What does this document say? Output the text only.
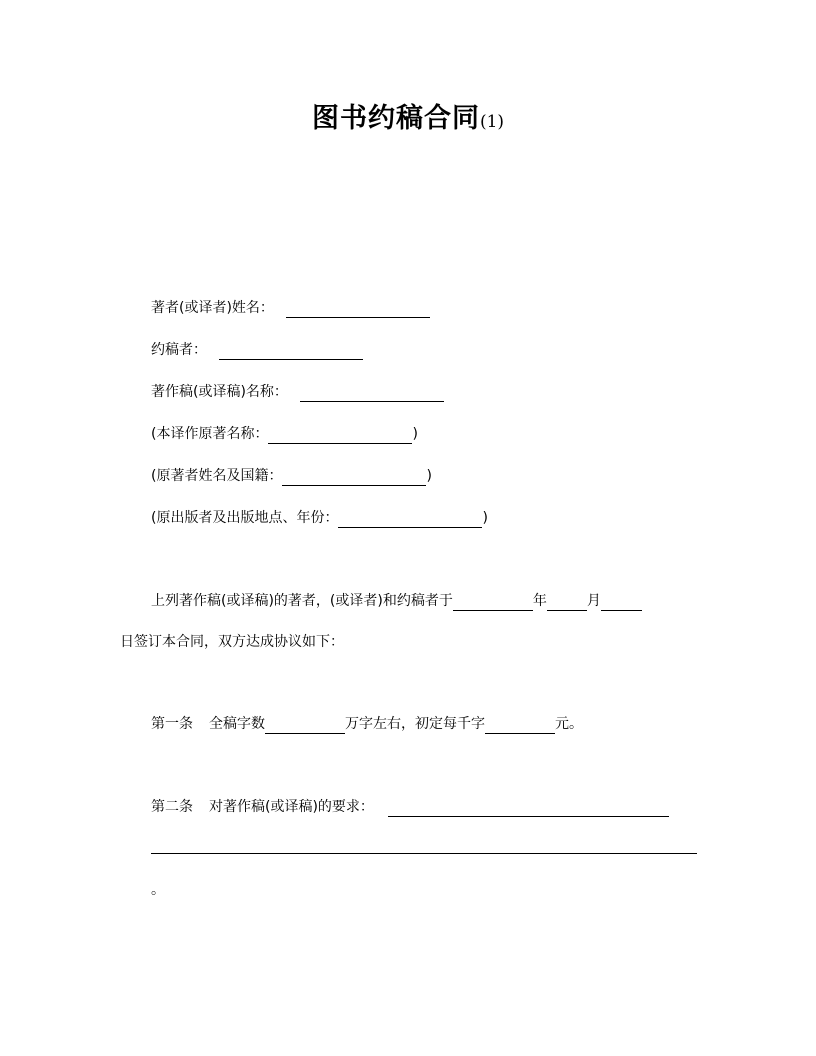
图书约稿合同(1)
著者(或译者)姓名：
约稿者：
著作稿(或译稿)名称：
(本译作原著名称：	)
(原著者姓名及国籍：	)
(原出版者及出版地点、年份：	)
上列著作稿(或译稿)的著者，(或译者)和约稿者于	年	月
日签订本合同，双方达成协议如下：
第一条 全稿字数	万字左右，初定每千字	元。
第二条 对著作稿(或译稿)的要求：
。
